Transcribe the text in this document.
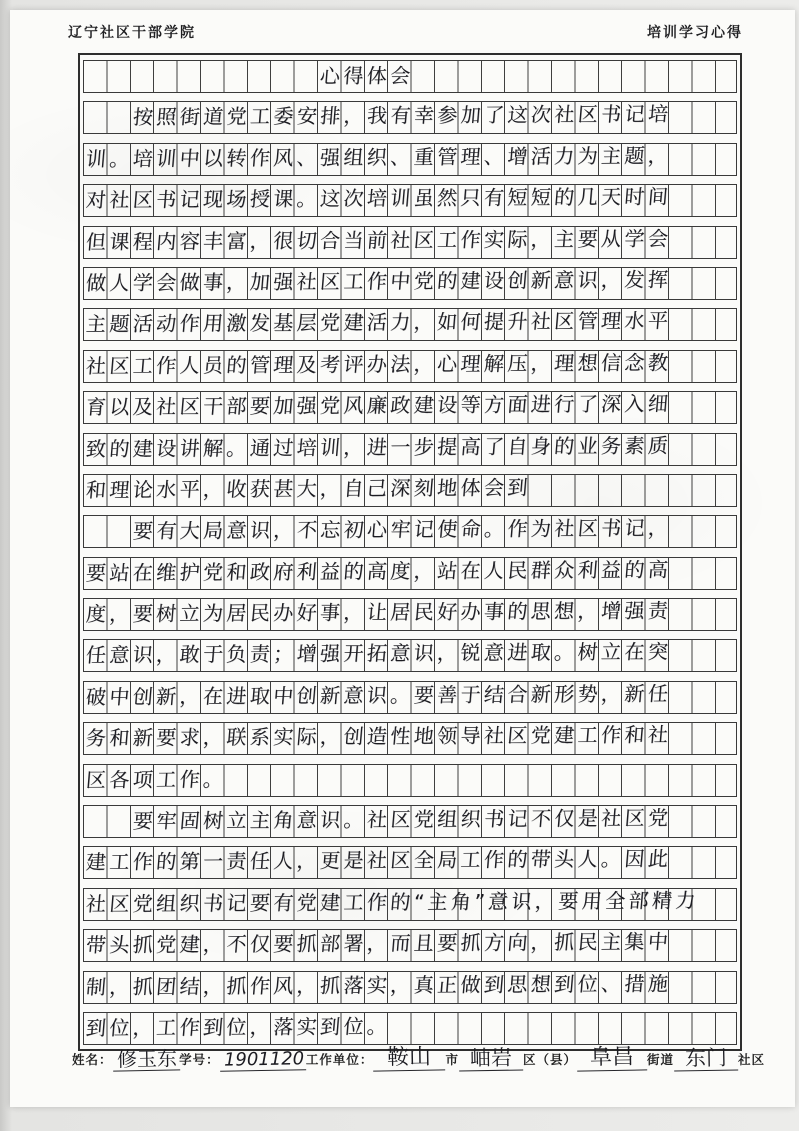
辽宁社区干部学院	培训学习心得
心得体会
按照街道党工委安排，我有幸参加了这次社区书记培
训。培训中以转作风、强组织、重管理、增活力为主题，
对社区书记现场授课。这次培训虽然只有短短的几天时间
但课程内容丰富，很切合当前社区工作实际，主要从学会
做人学会做事，加强社区工作中党的建设创新意识，发挥
主题活动作用激发基层党建活力，如何提升社区管理水平
社区工作人员的管理及考评办法，心理解压，理想信念教
育以及社区干部要加强党风廉政建设等方面进行了深入细
致的建设讲解。通过培训，进一步提高了自身的业务素质
和理论水平，收获甚大，自己深刻地体会到
要有大局意识，不忘初心牢记使命。作为社区书记，
要站在维护党和政府利益的高度，站在人民群众利益的高
度，要树立为居民办好事，让居民好办事的思想，增强责
任意识，敢于负责；增强开拓意识，锐意进取。树立在突
破中创新，在进取中创新意识。要善于结合新形势，新任
务和新要求，联系实际，创造性地领导社区党建工作和社
区各项工作。
要牢固树立主角意识。社区党组织书记不仅是社区党
建工作的第一责任人，更是社区全局工作的带头人。因此
社区党组织书记要有党建工作的“主角”意识，要用全部精力
带头抓党建，不仅要抓部署，而且要抓方向，抓民主集中
制，抓团结，抓作风，抓落实，真正做到思想到位、措施
到位，工作到位，落实到位。
姓名： 修玉东 学号： 1901120 工作单位： 鞍山	市 岫岩 区（县） 阜昌	街道 东门 社区
